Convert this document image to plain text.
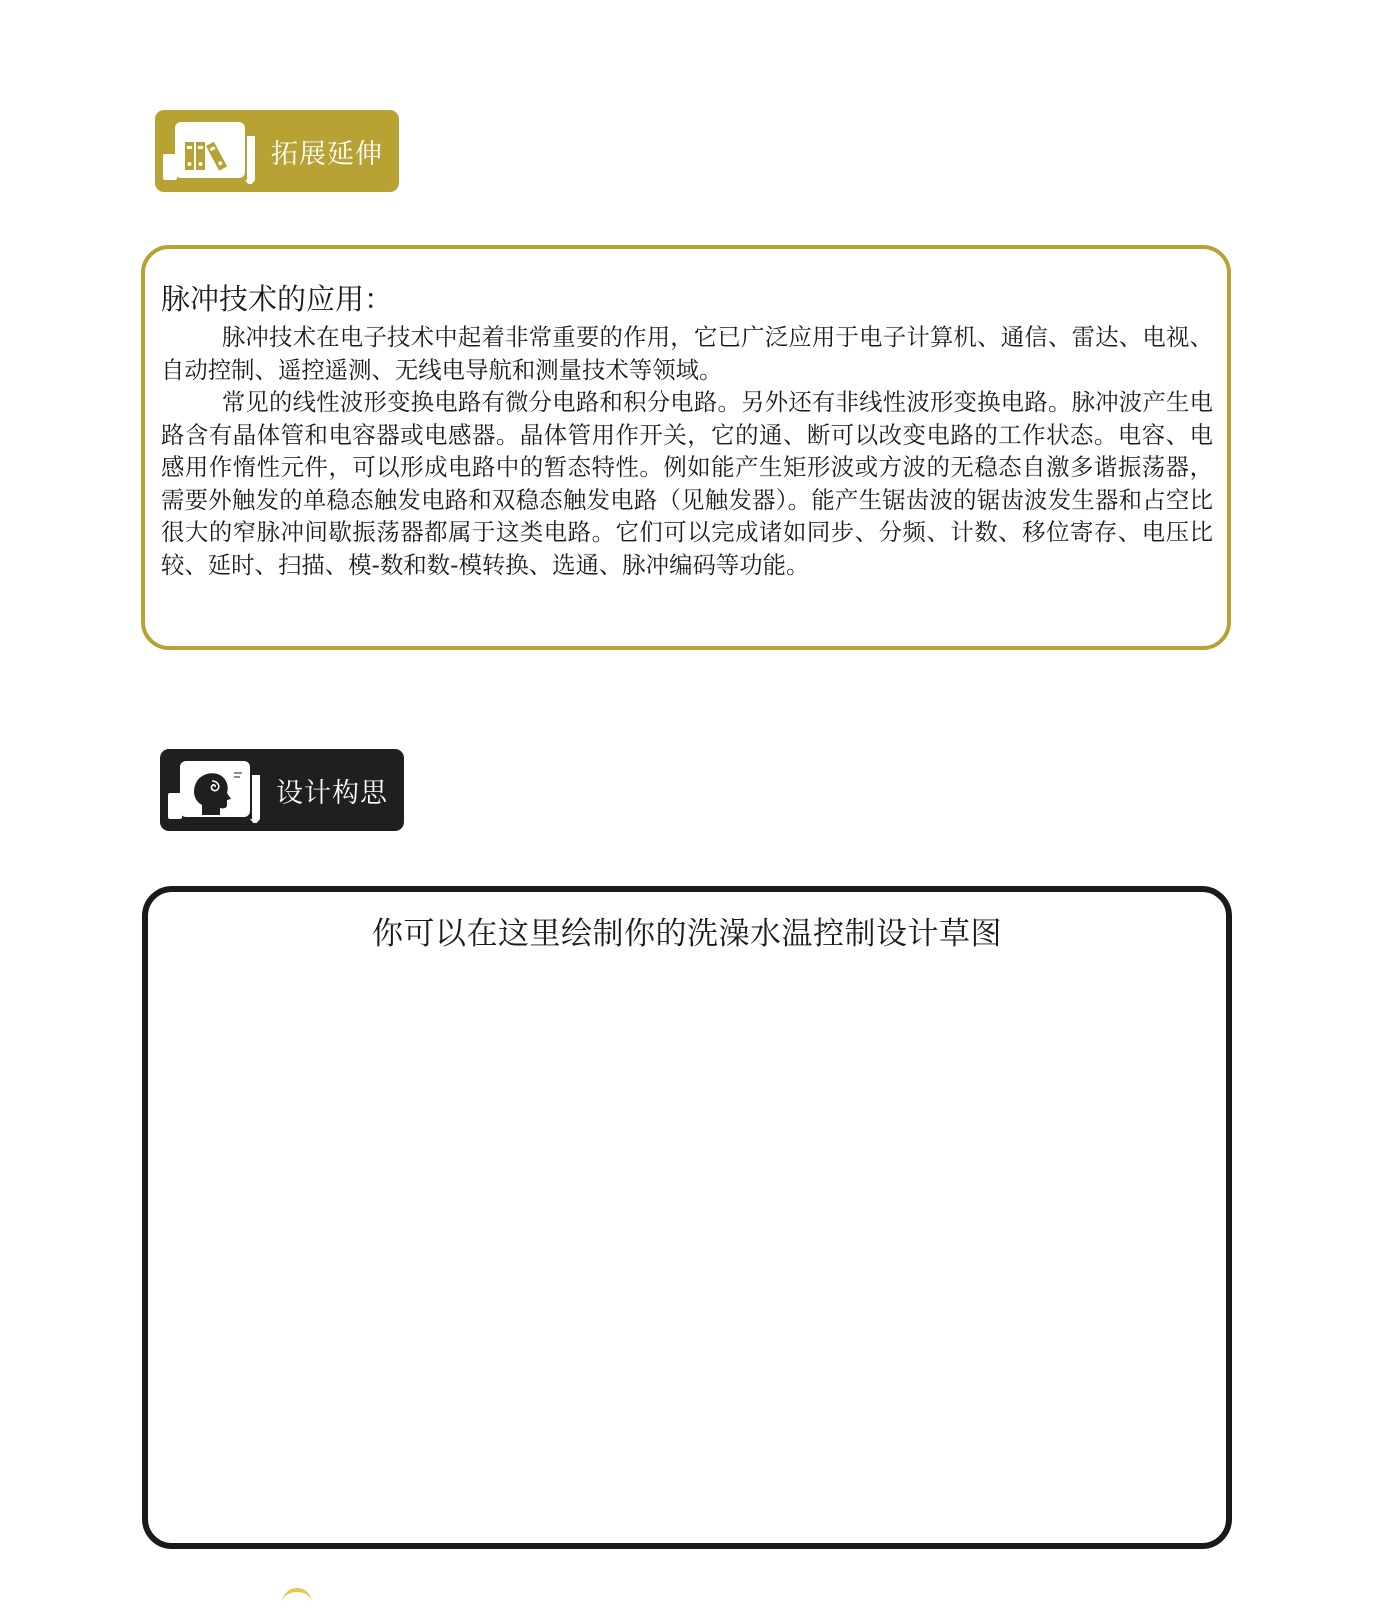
拓展延伸
脉冲技术的应用：

脉冲技术在电子技术中起着非常重要的作用，它已广泛应用于电子计算机、通信、雷达、电视、自动控制、遥控遥测、无线电导航和测量技术等领域。

常见的线性波形变换电路有微分电路和积分电路。另外还有非线性波形变换电路。脉冲波产生电路含有晶体管和电容器或电感器。晶体管用作开关，它的通、断可以改变电路的工作状态。电容、电感用作惰性元件，可以形成电路中的暂态特性。例如能产生矩形波或方波的无稳态自激多谐振荡器，需要外触发的单稳态触发电路和双稳态触发电路（见触发器）。能产生锯齿波的锯齿波发生器和占空比很大的窄脉冲间歇振荡器都属于这类电路。它们可以完成诸如同步、分频、计数、移位寄存、电压比较、延时、扫描、模-数和数-模转换、选通、脉冲编码等功能。

设计构思
你可以在这里绘制你的洗澡水温控制设计草图
